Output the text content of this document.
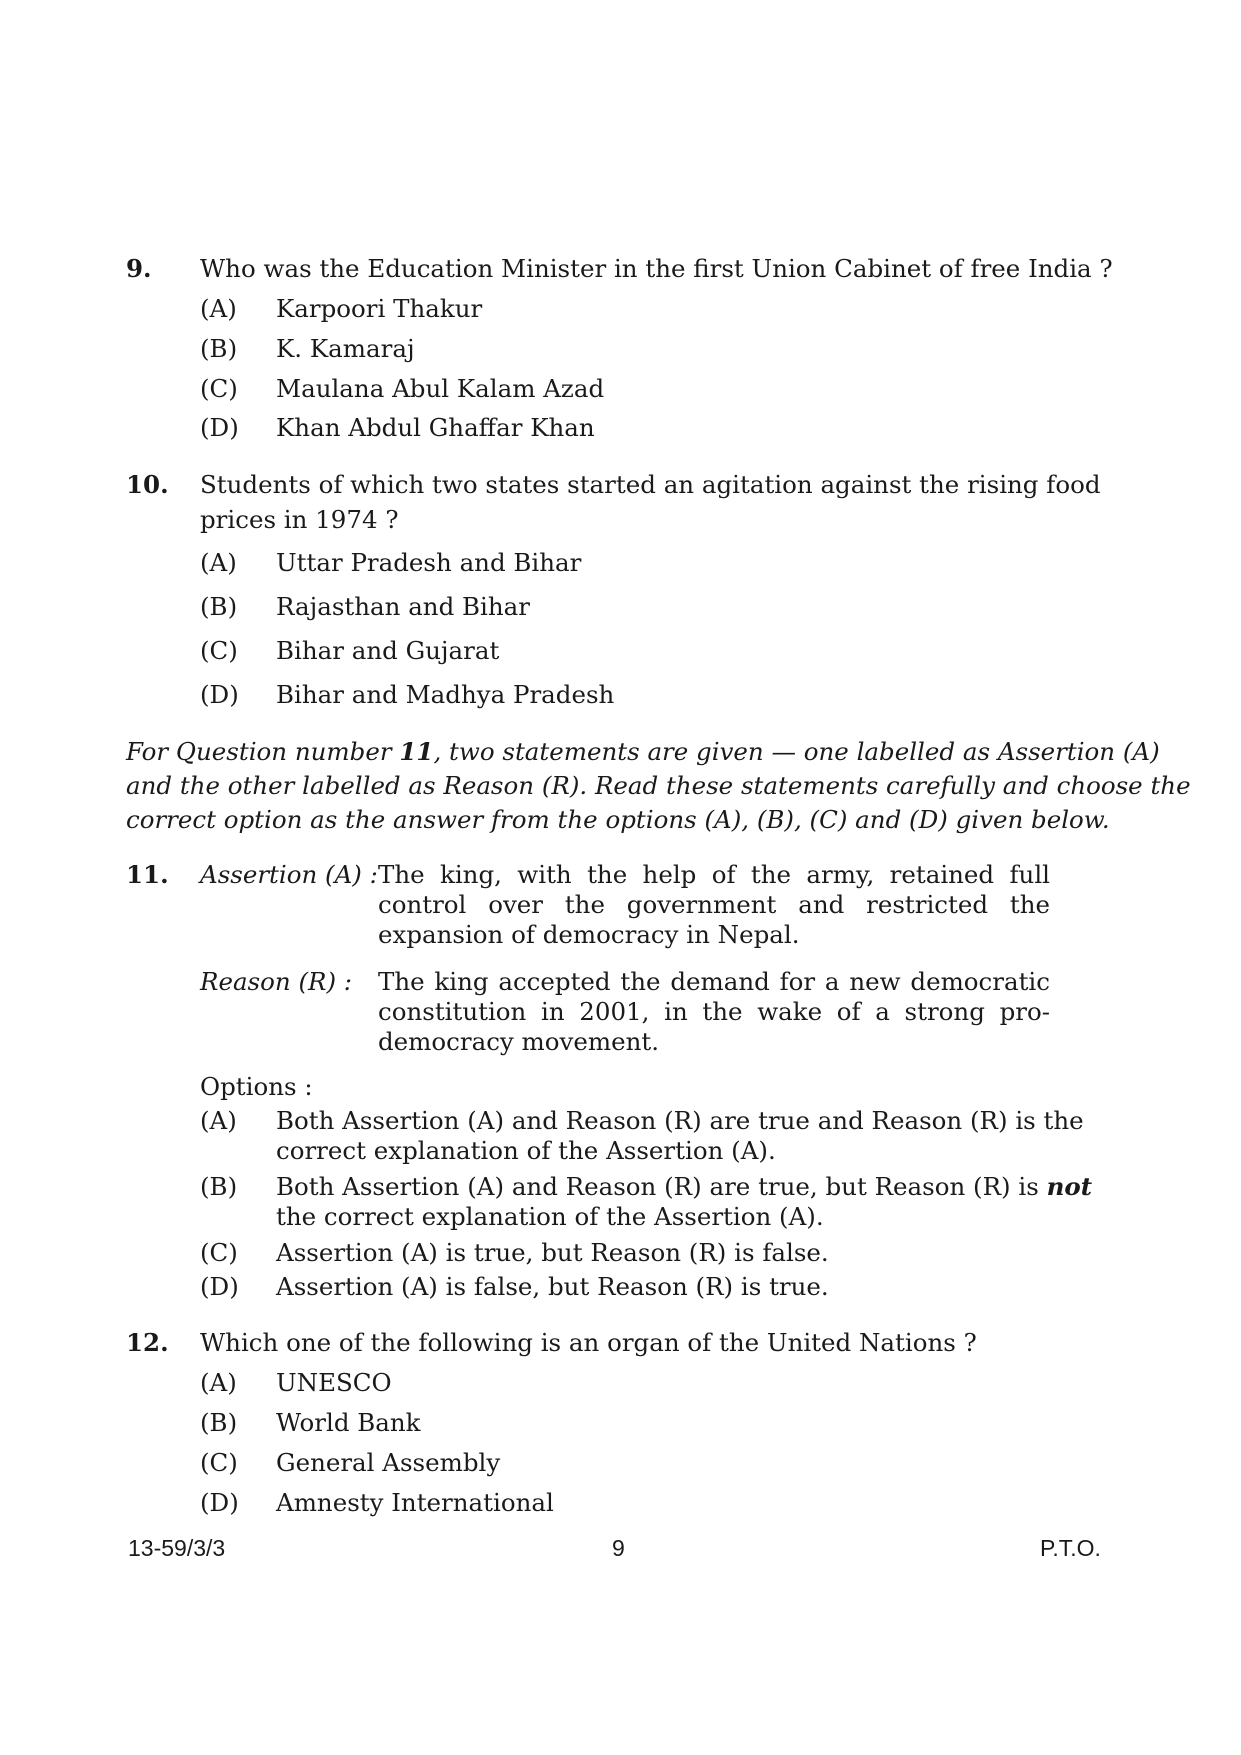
9. Who was the Education Minister in the first Union Cabinet of free India ?
(A) Karpoori Thakur
(B) K. Kamaraj
(C) Maulana Abul Kalam Azad
(D) Khan Abdul Ghaffar Khan
10. Students of which two states started an agitation against the rising food
prices in 1974 ?
(A) Uttar Pradesh and Bihar
(B) Rajasthan and Bihar
(C) Bihar and Gujarat
(D) Bihar and Madhya Pradesh
For Question number 11, two statements are given — one labelled as Assertion (A)
and the other labelled as Reason (R). Read these statements carefully and choose the
correct option as the answer from the options (A), (B), (C) and (D) given below.
11. Assertion (A) : The king, with the help of the army, retained full control over the government and restricted the expansion of democracy in Nepal.
Reason (R) : The king accepted the demand for a new democratic constitution in 2001, in the wake of a strong pro-democracy movement.
Options :
(A) Both Assertion (A) and Reason (R) are true and Reason (R) is the
correct explanation of the Assertion (A).
(B) Both Assertion (A) and Reason (R) are true, but Reason (R) is not
the correct explanation of the Assertion (A).
(C) Assertion (A) is true, but Reason (R) is false.
(D) Assertion (A) is false, but Reason (R) is true.
12. Which one of the following is an organ of the United Nations ?
(A) UNESCO
(B) World Bank
(C) General Assembly
(D) Amnesty International
13-59/3/3	9	P.T.O.
